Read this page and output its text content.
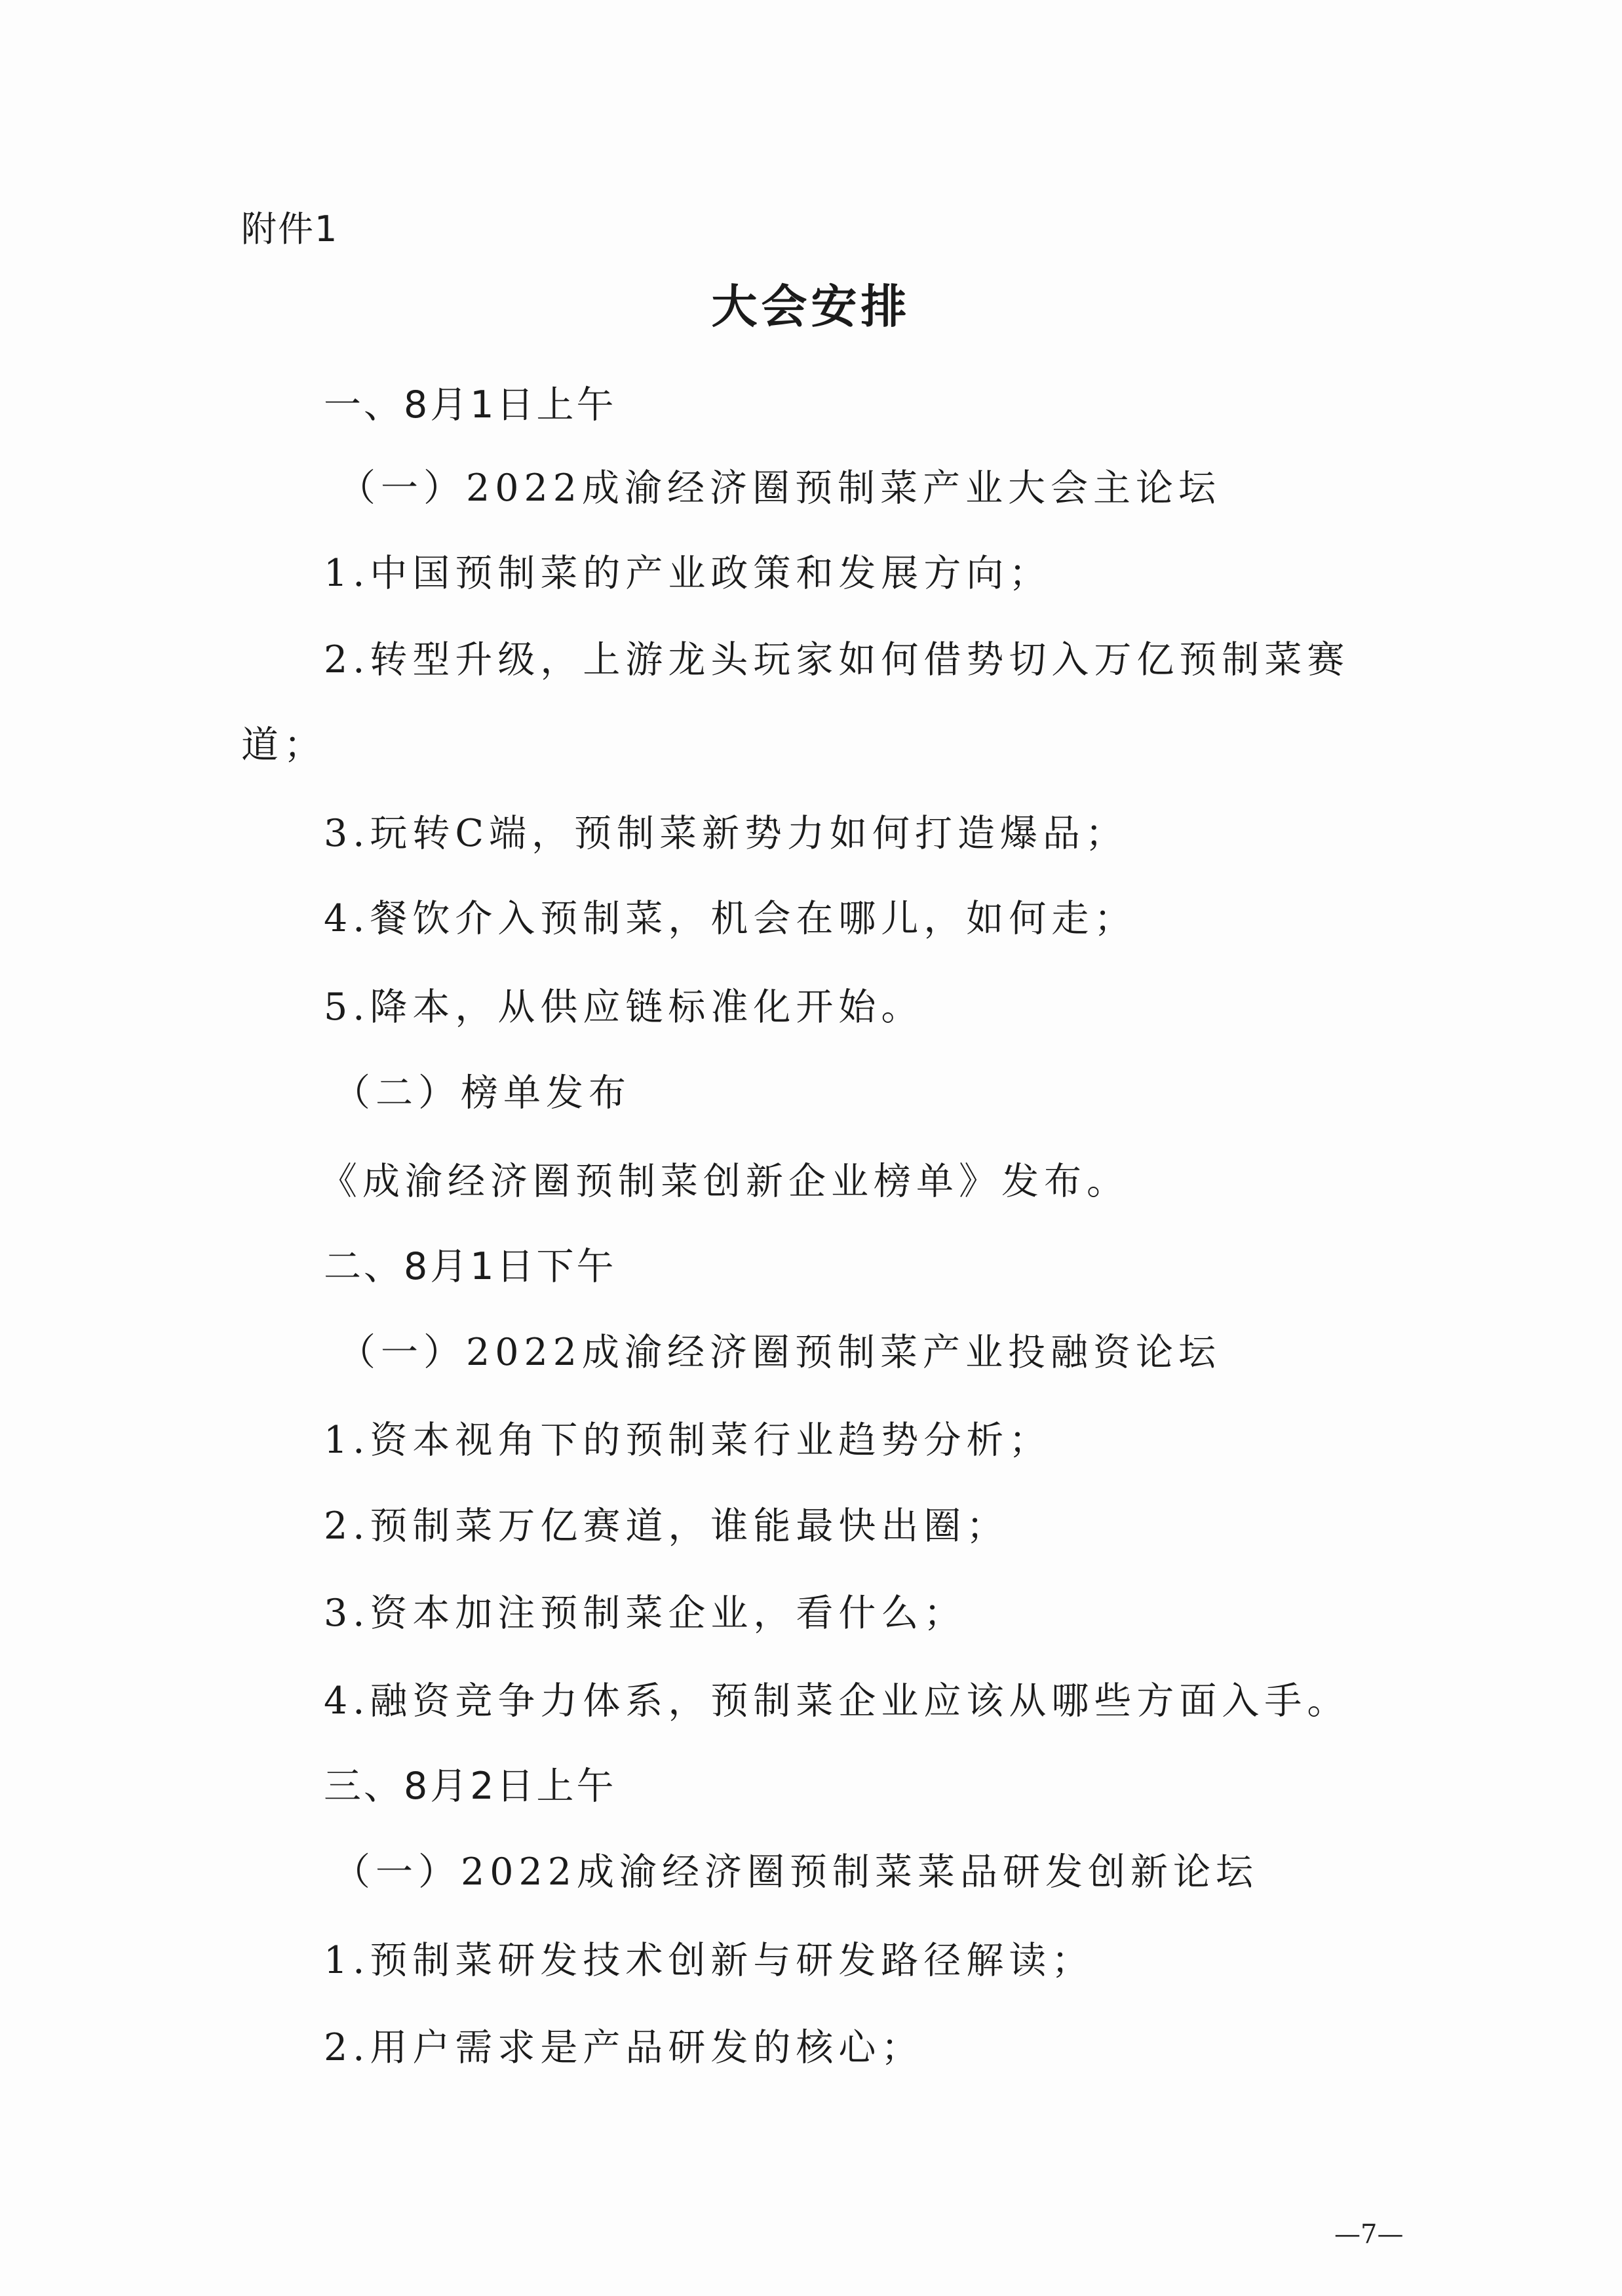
附件1
大会安排
一、8月1日上午
（一）2022成渝经济圈预制菜产业大会主论坛
1.中国预制菜的产业政策和发展方向；
2.转型升级，上游龙头玩家如何借势切入万亿预制菜赛
道；
3.玩转C端，预制菜新势力如何打造爆品；
4.餐饮介入预制菜，机会在哪儿，如何走；
5.降本，从供应链标准化开始。
（二）榜单发布
《成渝经济圈预制菜创新企业榜单》发布。
二、8月1日下午
（一）2022成渝经济圈预制菜产业投融资论坛
1.资本视角下的预制菜行业趋势分析；
2.预制菜万亿赛道，谁能最快出圈；
3.资本加注预制菜企业，看什么；
4.融资竞争力体系，预制菜企业应该从哪些方面入手。
三、8月2日上午
（一）2022成渝经济圈预制菜菜品研发创新论坛
1.预制菜研发技术创新与研发路径解读；
2.用户需求是产品研发的核心；
—7—
